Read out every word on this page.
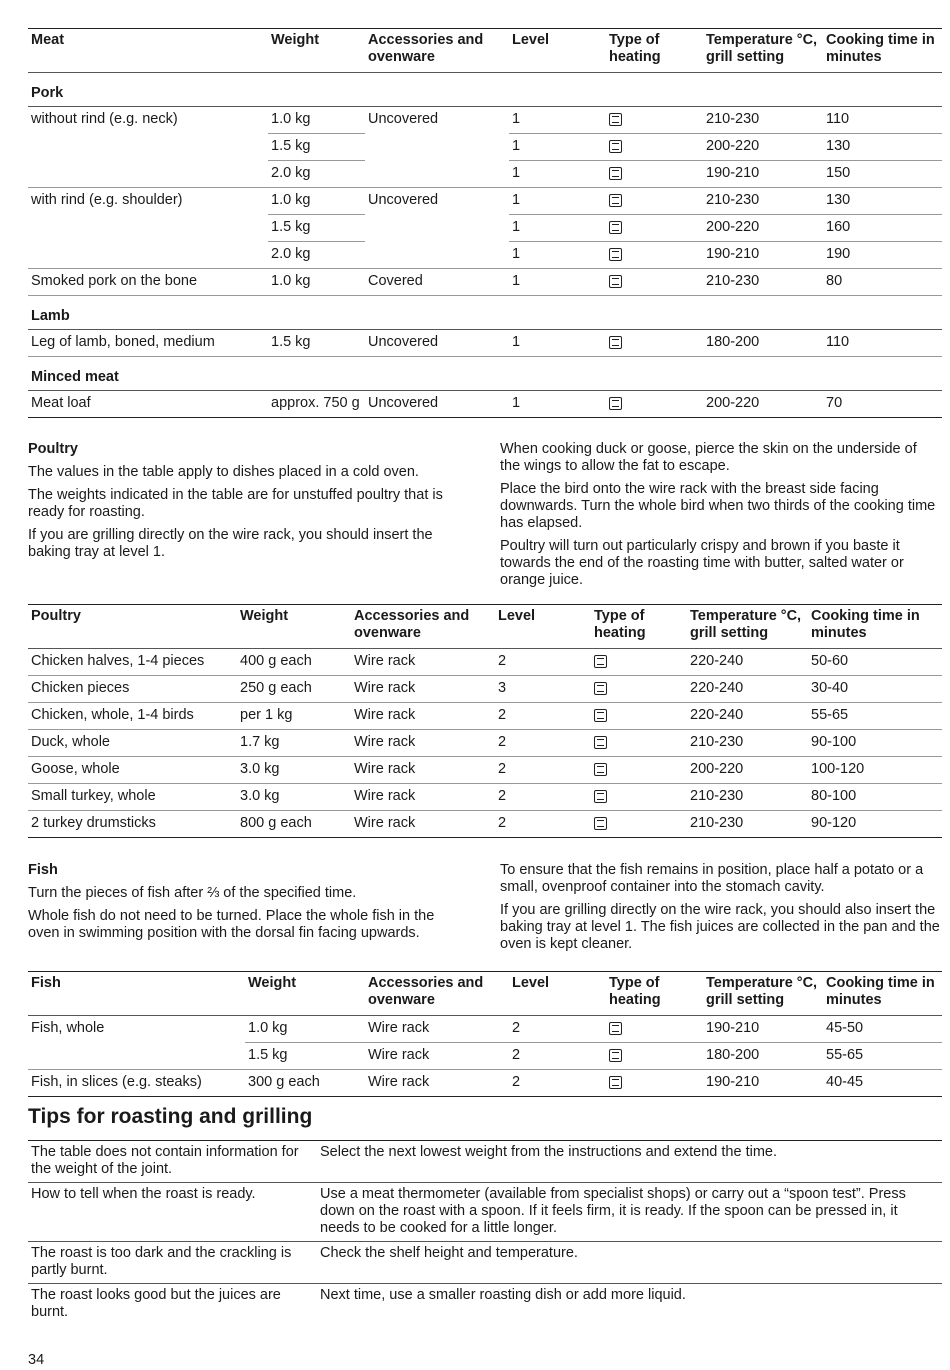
Meat	Weight	Accessories and ovenware	Level	Type of heating	Temperature °C, grill setting	Cooking time in minutes
Pork						
without rind (e.g. neck)	1.0 kg	Uncovered	1		210-230	110
	1.5 kg		1		200-220	130
	2.0 kg		1		190-210	150
with rind (e.g. shoulder)	1.0 kg	Uncovered	1		210-230	130
	1.5 kg		1		200-220	160
	2.0 kg		1		190-210	190
Smoked pork on the bone	1.0 kg	Covered	1		210-230	80
Lamb						
Leg of lamb, boned, medium	1.5 kg	Uncovered	1		180-200	110
Minced meat						
Meat loaf	approx. 750 g	Uncovered	1		200-220	70
Poultry

The values in the table apply to dishes placed in a cold oven.

The weights indicated in the table are for unstuffed poultry that is ready for roasting.

If you are grilling directly on the wire rack, you should insert the baking tray at level 1.

When cooking duck or goose, pierce the skin on the underside of the wings to allow the fat to escape.

Place the bird onto the wire rack with the breast side facing downwards. Turn the whole bird when two thirds of the cooking time has elapsed.

Poultry will turn out particularly crispy and brown if you baste it towards the end of the roasting time with butter, salted water or orange juice.

Poultry	Weight	Accessories and ovenware	Level	Type of heating	Temperature °C, grill setting	Cooking time in minutes
Chicken halves, 1-4 pieces	400 g each	Wire rack	2		220-240	50-60
Chicken pieces	250 g each	Wire rack	3		220-240	30-40
Chicken, whole, 1-4 birds	per 1 kg	Wire rack	2		220-240	55-65
Duck, whole	1.7 kg	Wire rack	2		210-230	90-100
Goose, whole	3.0 kg	Wire rack	2		200-220	100-120
Small turkey, whole	3.0 kg	Wire rack	2		210-230	80-100
2 turkey drumsticks	800 g each	Wire rack	2		210-230	90-120
Fish

Turn the pieces of fish after ⅔ of the specified time.

Whole fish do not need to be turned. Place the whole fish in the oven in swimming position with the dorsal fin facing upwards.

To ensure that the fish remains in position, place half a potato or a small, ovenproof container into the stomach cavity.

If you are grilling directly on the wire rack, you should also insert the baking tray at level 1. The fish juices are collected in the pan and the oven is kept cleaner.

Fish	Weight	Accessories and ovenware	Level	Type of heating	Temperature °C, grill setting	Cooking time in minutes
Fish, whole	1.0 kg	Wire rack	2		190-210	45-50
	1.5 kg	Wire rack	2		180-200	55-65
Fish, in slices (e.g. steaks)	300 g each	Wire rack	2		190-210	40-45
Tips for roasting and grilling
The table does not contain information for the weight of the joint.	Select the next lowest weight from the instructions and extend the time.
How to tell when the roast is ready.	Use a meat thermometer (available from specialist shops) or carry out a “spoon test”. Press down on the roast with a spoon. If it feels firm, it is ready. If the spoon can be pressed in, it needs to be cooked for a little longer.
The roast is too dark and the crackling is partly burnt.	Check the shelf height and temperature.
The roast looks good but the juices are burnt.	Next time, use a smaller roasting dish or add more liquid.
34
